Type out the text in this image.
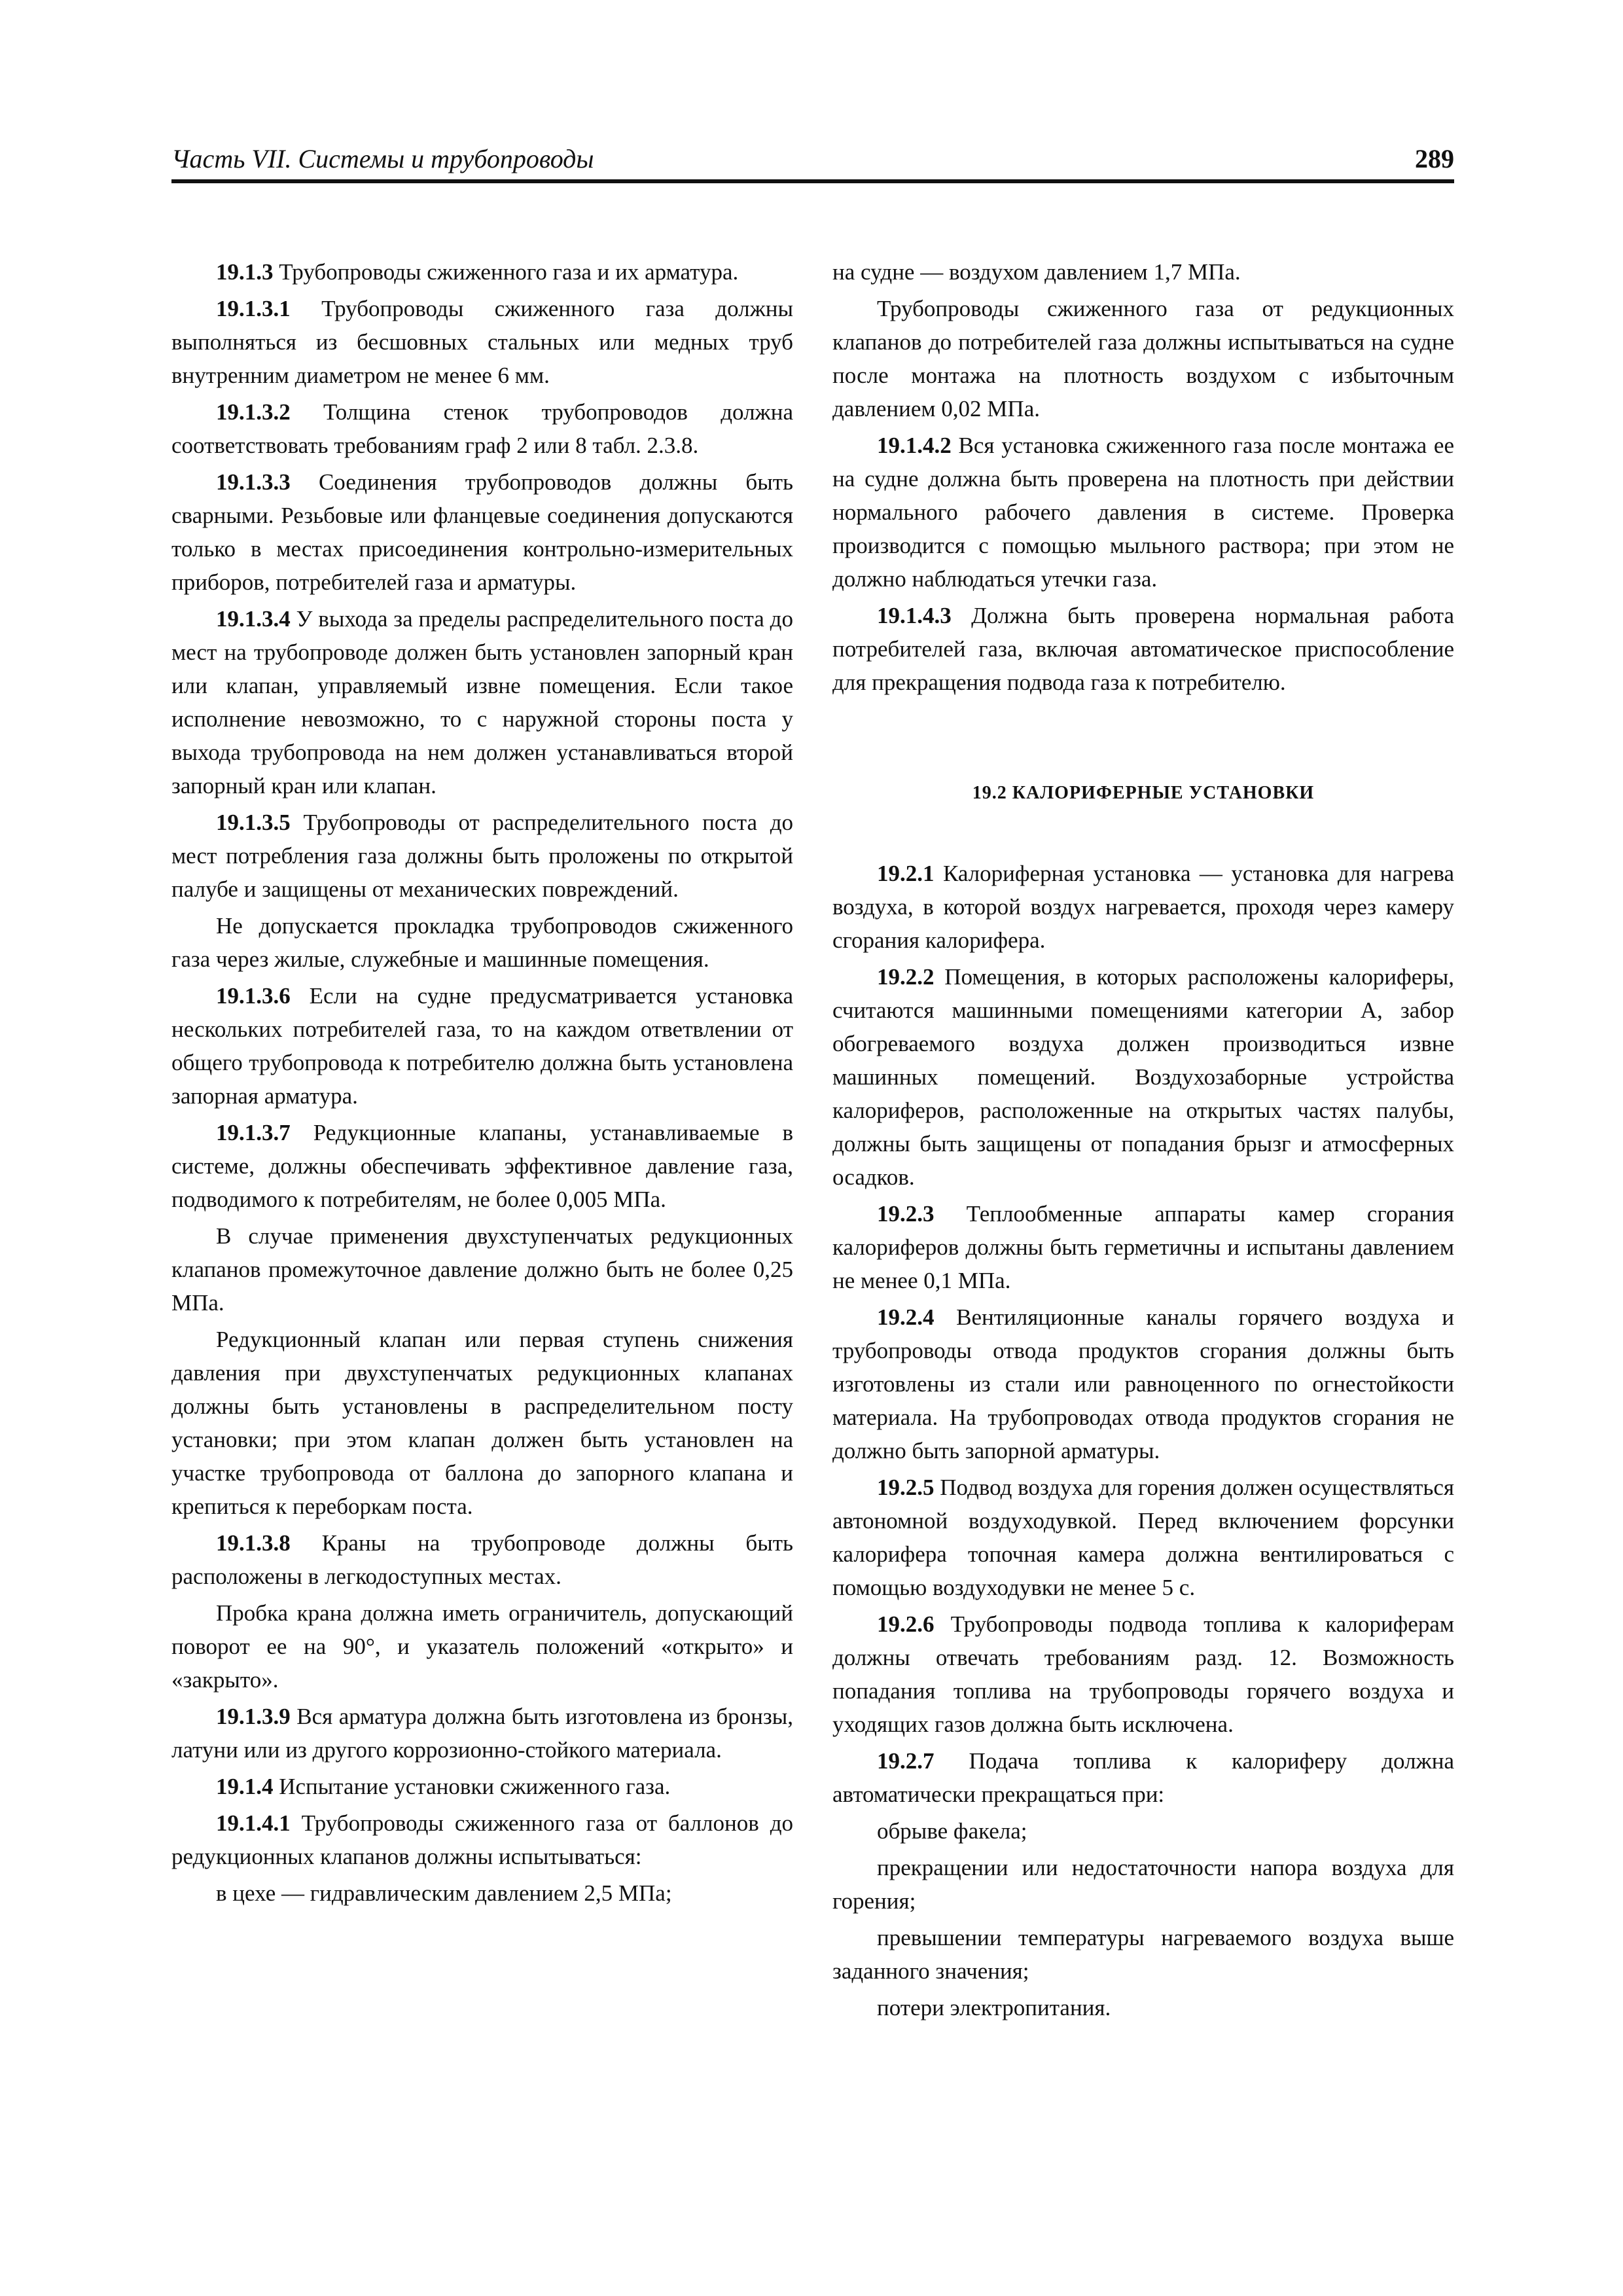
Часть VII. Системы и трубопроводы	289

19.1.3 Трубопроводы сжиженного газа и их арматура.

19.1.3.1 Трубопроводы сжиженного газа должны выполняться из бесшовных стальных или медных труб внутренним диаметром не менее 6 мм.

19.1.3.2 Толщина стенок трубопроводов должна соответствовать требованиям граф 2 или 8 табл. 2.3.8.

19.1.3.3 Соединения трубопроводов должны быть сварными. Резьбовые или фланцевые соединения допускаются только в местах присоединения контрольно-измерительных приборов, потребителей газа и арматуры.

19.1.3.4 У выхода за пределы распределительного поста до мест на трубопроводе должен быть установлен запорный кран или клапан, управляемый извне помещения. Если такое исполнение невозможно, то с наружной стороны поста у выхода трубопровода на нем должен устанавливаться второй запорный кран или клапан.

19.1.3.5 Трубопроводы от распределительного поста до мест потребления газа должны быть проложены по открытой палубе и защищены от механических повреждений.

Не допускается прокладка трубопроводов сжиженного газа через жилые, служебные и машинные помещения.

19.1.3.6 Если на судне предусматривается установка нескольких потребителей газа, то на каждом ответвлении от общего трубопровода к потребителю должна быть установлена запорная арматура.

19.1.3.7 Редукционные клапаны, устанавливаемые в системе, должны обеспечивать эффективное давление газа, подводимого к потребителям, не более 0,005 МПа.

В случае применения двухступенчатых редукционных клапанов промежуточное давление должно быть не более 0,25 МПа.

Редукционный клапан или первая ступень снижения давления при двухступенчатых редукционных клапанах должны быть установлены в распределительном посту установки; при этом клапан должен быть установлен на участке трубопровода от баллона до запорного клапана и крепиться к переборкам поста.

19.1.3.8 Краны на трубопроводе должны быть расположены в легкодоступных местах.

Пробка крана должна иметь ограничитель, допускающий поворот ее на 90°, и указатель положений «открыто» и «закрыто».

19.1.3.9 Вся арматура должна быть изготовлена из бронзы, латуни или из другого коррозионно-стойкого материала.

19.1.4 Испытание установки сжиженного газа.

19.1.4.1 Трубопроводы сжиженного газа от баллонов до редукционных клапанов должны испытываться:

в цехе — гидравлическим давлением 2,5 МПа;

на судне — воздухом давлением 1,7 МПа.

Трубопроводы сжиженного газа от редукционных клапанов до потребителей газа должны испытываться на судне после монтажа на плотность воздухом с избыточным давлением 0,02 МПа.

19.1.4.2 Вся установка сжиженного газа после монтажа ее на судне должна быть проверена на плотность при действии нормального рабочего давления в системе. Проверка производится с помощью мыльного раствора; при этом не должно наблюдаться утечки газа.

19.1.4.3 Должна быть проверена нормальная работа потребителей газа, включая автоматическое приспособление для прекращения подвода газа к потребителю.

19.2 КАЛОРИФЕРНЫЕ УСТАНОВКИ

19.2.1 Калориферная установка — установка для нагрева воздуха, в которой воздух нагревается, проходя через камеру сгорания калорифера.

19.2.2 Помещения, в которых расположены калориферы, считаются машинными помещениями категории А, забор обогреваемого воздуха должен производиться извне машинных помещений. Воздухозаборные устройства калориферов, расположенные на открытых частях палубы, должны быть защищены от попадания брызг и атмосферных осадков.

19.2.3 Теплообменные аппараты камер сгорания калориферов должны быть герметичны и испытаны давлением не менее 0,1 МПа.

19.2.4 Вентиляционные каналы горячего воздуха и трубопроводы отвода продуктов сгорания должны быть изготовлены из стали или равноценного по огнестойкости материала. На трубопроводах отвода продуктов сгорания не должно быть запорной арматуры.

19.2.5 Подвод воздуха для горения должен осуществляться автономной воздуходувкой. Перед включением форсунки калорифера топочная камера должна вентилироваться с помощью воздуходувки не менее 5 с.

19.2.6 Трубопроводы подвода топлива к калориферам должны отвечать требованиям разд. 12. Возможность попадания топлива на трубопроводы горячего воздуха и уходящих газов должна быть исключена.

19.2.7 Подача топлива к калориферу должна автоматически прекращаться при:

обрыве факела;

прекращении или недостаточности напора воздуха для горения;

превышении температуры нагреваемого воздуха выше заданного значения;

потери электропитания.
